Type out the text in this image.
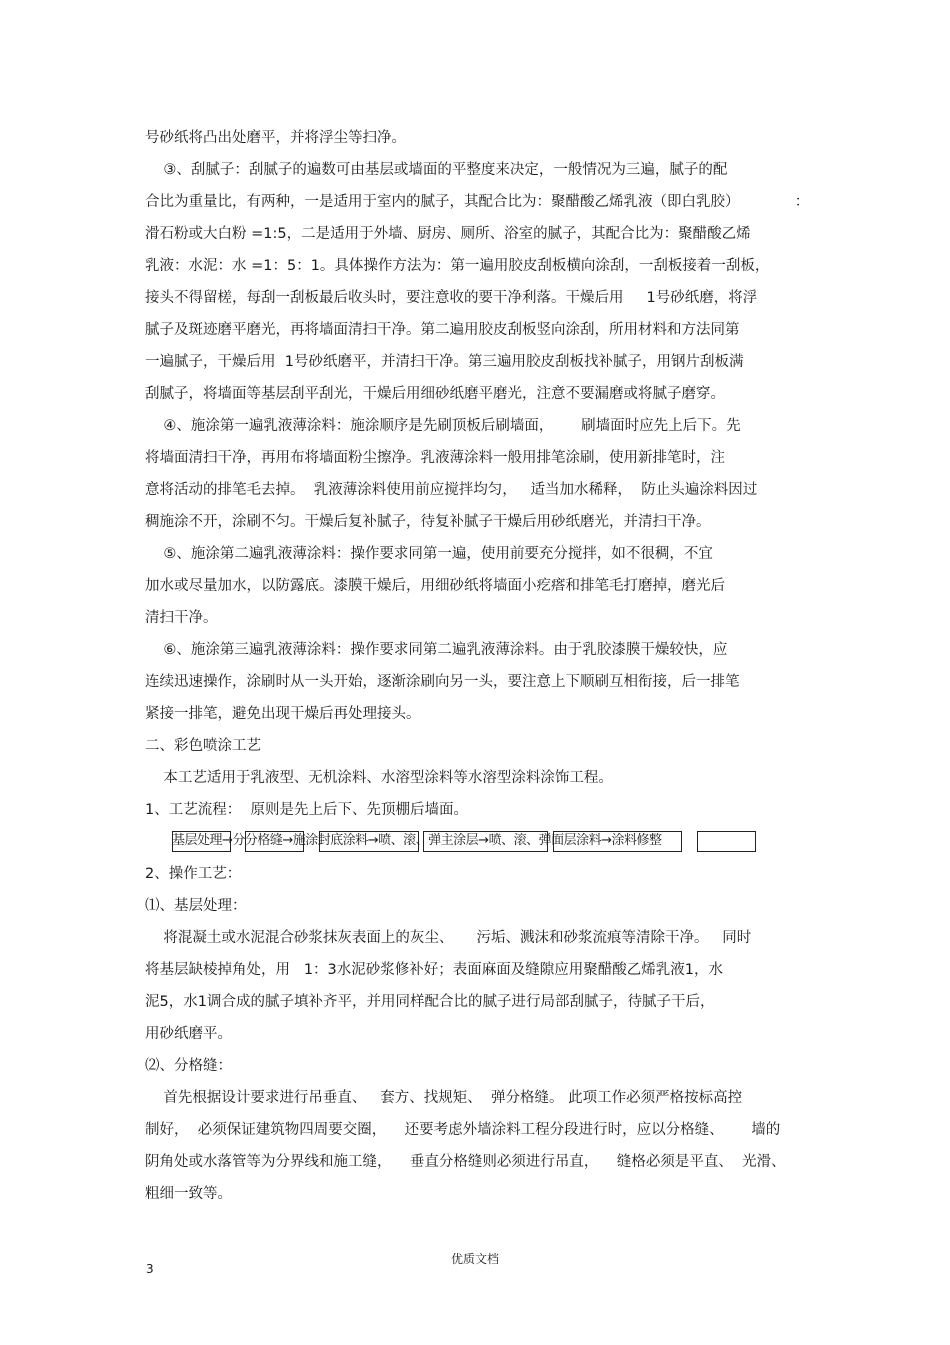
号砂纸将凸出处磨平，并将浮尘等扫净。
③、刮腻子：刮腻子的遍数可由基层或墙面的平整度来决定，一般情况为三遍，腻子的配
合比为重量比，有两种，一是适用于室内的腻子，其配合比为：聚醋酸乙烯乳液（即白乳胶）            ：
滑石粉或大白粉 =1:5，二是适用于外墙、厨房、厕所、浴室的腻子，其配合比为：聚醋酸乙烯
乳液：水泥：水 =1：5：1。具体操作方法为：第一遍用胶皮刮板横向涂刮，一刮板接着一刮板，
接头不得留槎，每刮一刮板最后收头时，要注意收的要干净利落。干燥后用     1号砂纸磨，将浮
腻子及斑迹磨平磨光，再将墙面清扫干净。第二遍用胶皮刮板竖向涂刮，所用材料和方法同第
一遍腻子，干燥后用  1号砂纸磨平，并清扫干净。第三遍用胶皮刮板找补腻子，用钢片刮板满
刮腻子，将墙面等基层刮平刮光，干燥后用细砂纸磨平磨光，注意不要漏磨或将腻子磨穿。
④、施涂第一遍乳液薄涂料：施涂顺序是先刷顶板后刷墙面，      刷墙面时应先上后下。先
将墙面清扫干净，再用布将墙面粉尘擦净。乳液薄涂料一般用排笔涂刷，使用新排笔时，注
意将活动的排笔毛去掉。  乳液薄涂料使用前应搅拌均匀，   适当加水稀释，  防止头遍涂料因过
稠施涂不开，涂刷不匀。干燥后复补腻子，待复补腻子干燥后用砂纸磨光，并清扫干净。
⑤、施涂第二遍乳液薄涂料：操作要求同第一遍，使用前要充分搅拌，如不很稠，不宜
加水或尽量加水，以防露底。漆膜干燥后，用细砂纸将墙面小疙瘩和排笔毛打磨掉，磨光后
清扫干净。
⑥、施涂第三遍乳液薄涂料：操作要求同第二遍乳液薄涂料。由于乳胶漆膜干燥较快，应
连续迅速操作，涂刷时从一头开始，逐渐涂刷向另一头，要注意上下顺刷互相衔接，后一排笔
紧接一排笔，避免出现干燥后再处理接头。
二、彩色喷涂工艺
本工艺适用于乳液型、无机涂料、水溶型涂料等水溶型涂料涂饰工程。
1、工艺流程：  原则是先上后下、先顶棚后墙面。
基层处理→分分格缝→施涂封底涂料→喷、滚、弹主涂层→喷、滚、弹面层涂料→涂料修整
2、操作工艺：
⑴、基层处理：
将混凝土或水泥混合砂浆抹灰表面上的灰尘、     污垢、溅沫和砂浆流痕等清除干净。   同时
将基层缺棱掉角处，用   1：3水泥砂浆修补好；表面麻面及缝隙应用聚醋酸乙烯乳液1，水
泥5，水1调合成的腻子填补齐平，并用同样配合比的腻子进行局部刮腻子，待腻子干后，
用砂纸磨平。
⑵、分格缝：
首先根据设计要求进行吊垂直、   套方、找规矩、  弹分格缝。 此项工作必须严格按标高控
制好，  必须保证建筑物四周要交圈，    还要考虑外墙涂料工程分段进行时，应以分格缝、      墙的
阴角处或水落管等为分界线和施工缝，    垂直分格缝则必须进行吊直，    缝格必须是平直、  光滑、
粗细一致等。
3
优质文档
